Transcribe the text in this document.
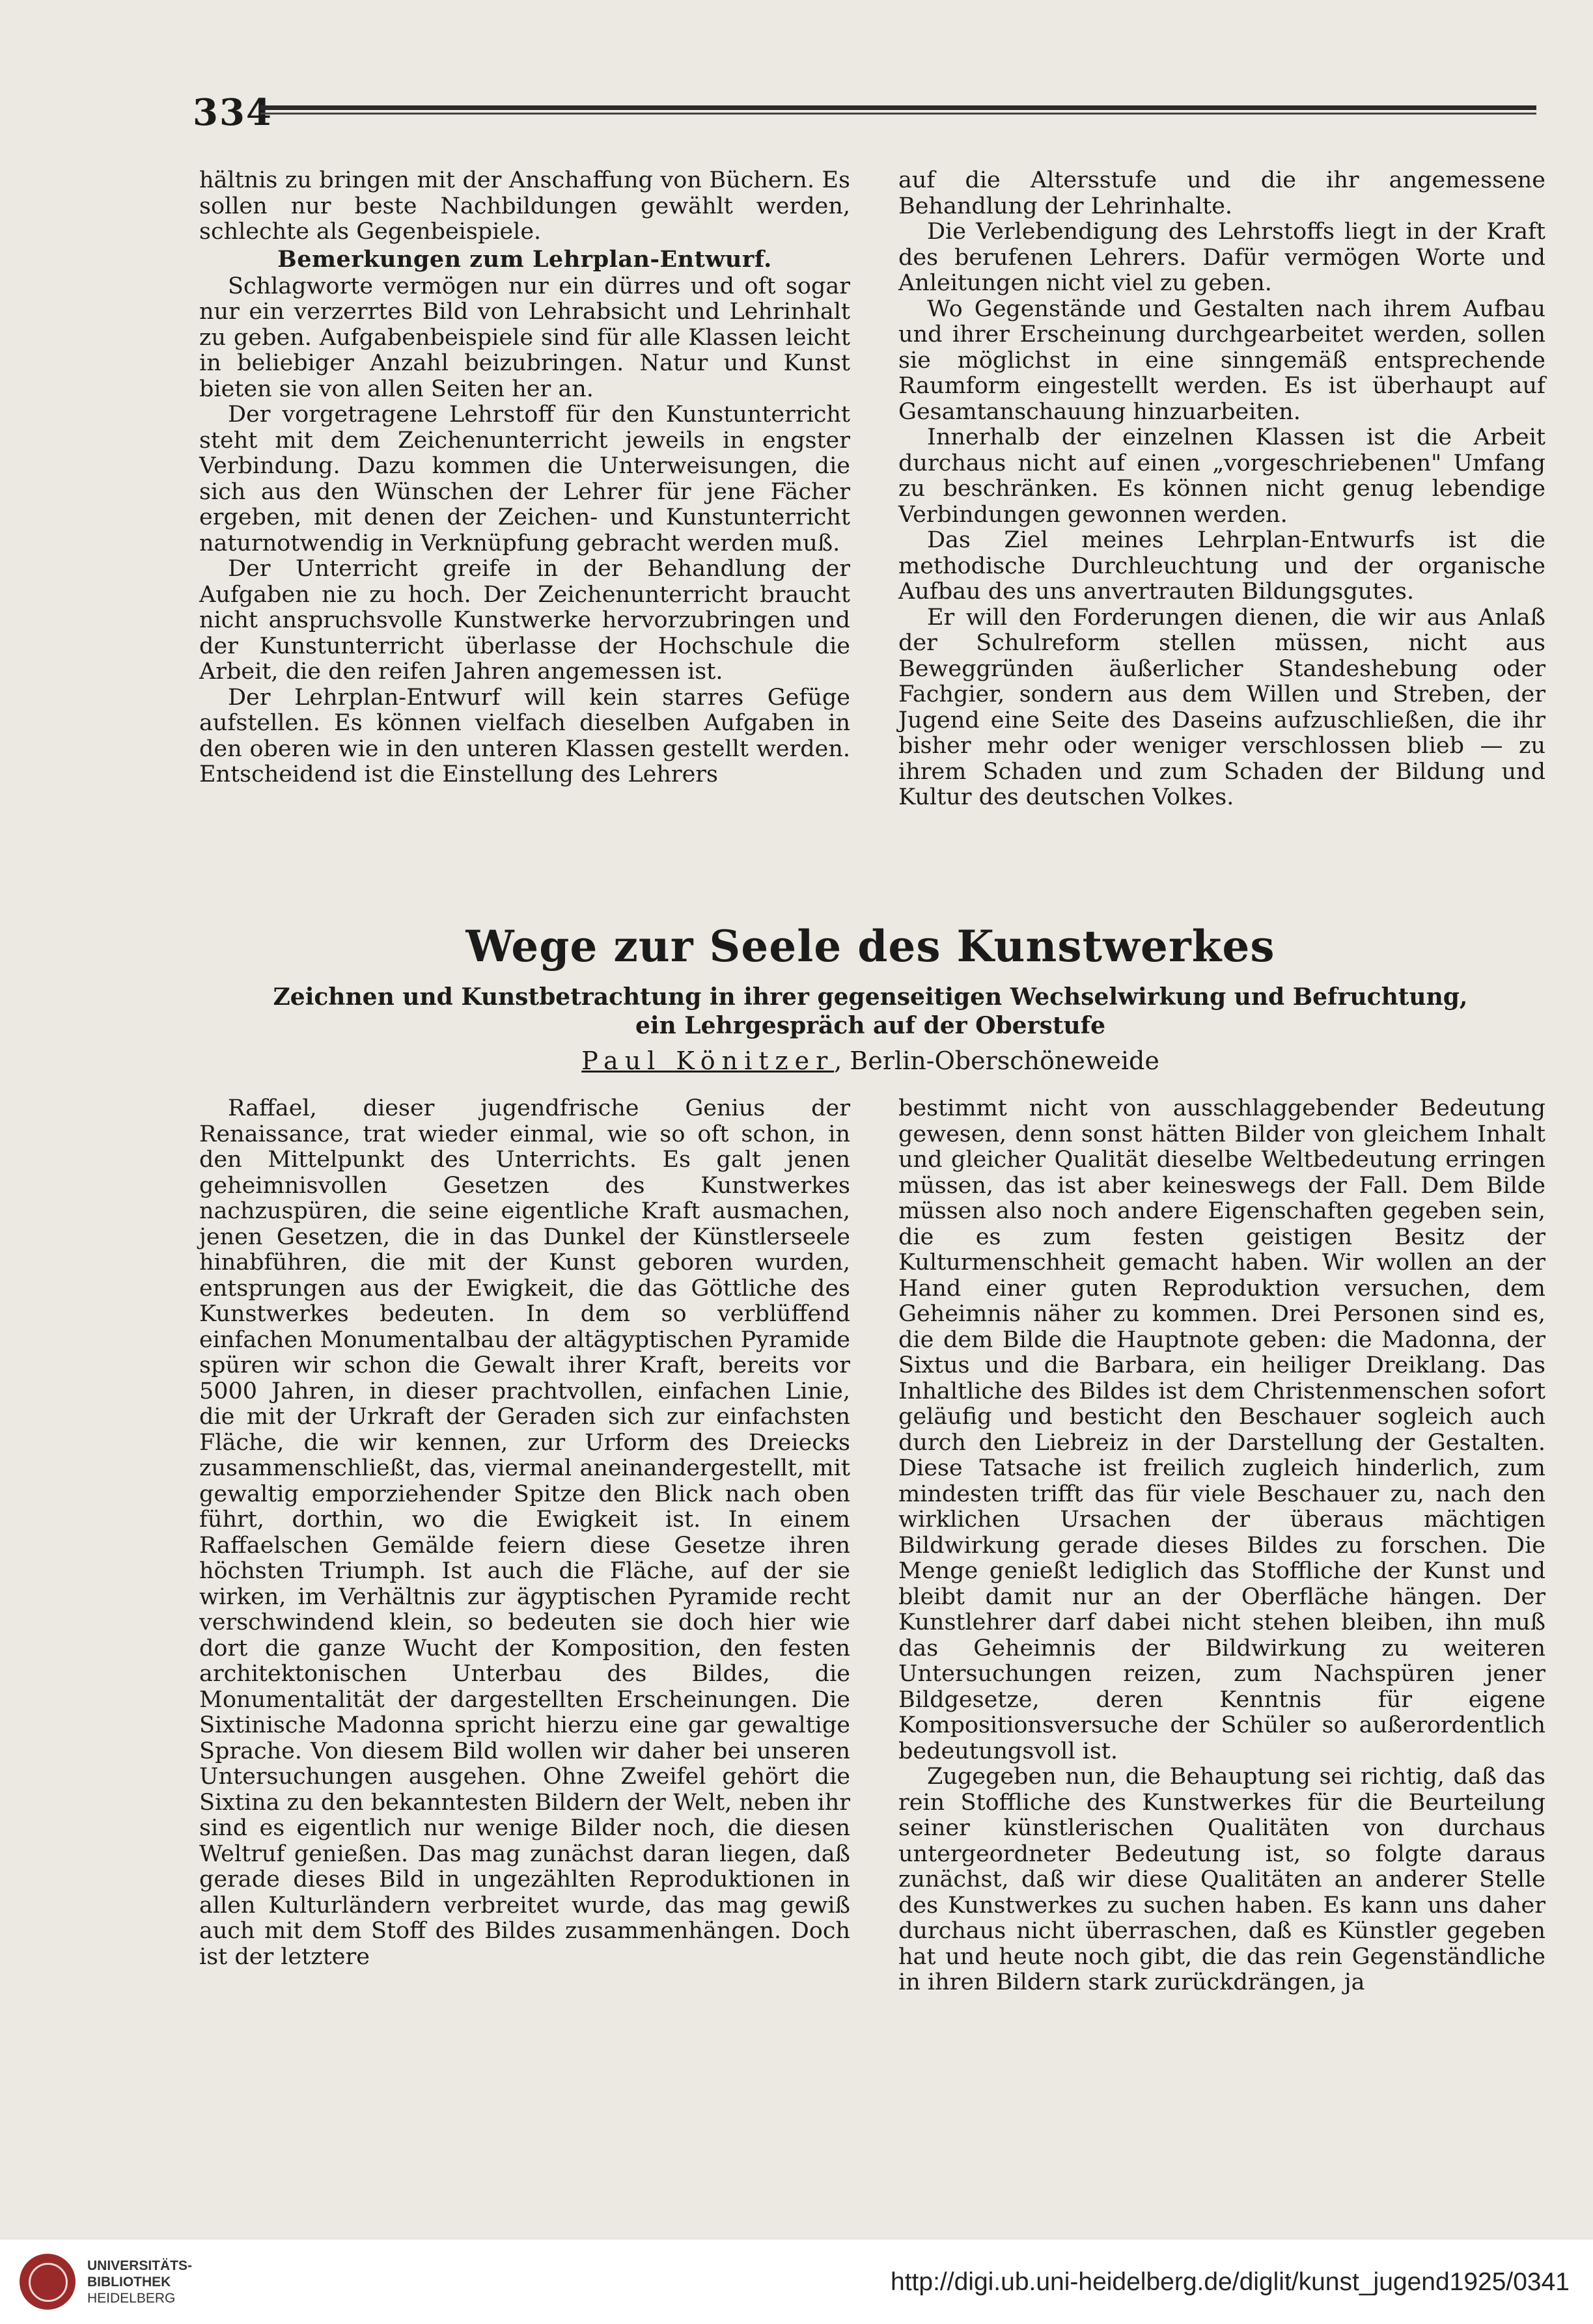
334

hältnis zu bringen mit der Anschaffung von Büchern. Es sollen nur beste Nachbildungen gewählt werden, schlechte als Gegenbeispiele.

Bemerkungen zum Lehrplan-Entwurf.

Schlagworte vermögen nur ein dürres und oft sogar nur ein verzerrtes Bild von Lehrabsicht und Lehrinhalt zu geben. Aufgabenbeispiele sind für alle Klassen leicht in beliebiger Anzahl beizubringen. Natur und Kunst bieten sie von allen Seiten her an.

Der vorgetragene Lehrstoff für den Kunstunterricht steht mit dem Zeichenunterricht jeweils in engster Verbindung. Dazu kommen die Unterweisungen, die sich aus den Wünschen der Lehrer für jene Fächer ergeben, mit denen der Zeichen- und Kunstunterricht naturnotwendig in Verknüpfung gebracht werden muß.

Der Unterricht greife in der Behandlung der Aufgaben nie zu hoch. Der Zeichenunterricht braucht nicht anspruchsvolle Kunstwerke hervorzubringen und der Kunstunterricht überlasse der Hochschule die Arbeit, die den reifen Jahren angemessen ist.

Der Lehrplan-Entwurf will kein starres Gefüge aufstellen. Es können vielfach dieselben Aufgaben in den oberen wie in den unteren Klassen gestellt werden. Entscheidend ist die Einstellung des Lehrers

auf die Altersstufe und die ihr angemessene Behandlung der Lehrinhalte.

Die Verlebendigung des Lehrstoffs liegt in der Kraft des berufenen Lehrers. Dafür vermögen Worte und Anleitungen nicht viel zu geben.

Wo Gegenstände und Gestalten nach ihrem Aufbau und ihrer Erscheinung durchgearbeitet werden, sollen sie möglichst in eine sinngemäß entsprechende Raumform eingestellt werden. Es ist überhaupt auf Gesamtanschauung hinzuarbeiten.

Innerhalb der einzelnen Klassen ist die Arbeit durchaus nicht auf einen „vorgeschriebenen" Umfang zu beschränken. Es können nicht genug lebendige Verbindungen gewonnen werden.

Das Ziel meines Lehrplan-Entwurfs ist die methodische Durchleuchtung und der organische Aufbau des uns anvertrauten Bildungsgutes.

Er will den Forderungen dienen, die wir aus Anlaß der Schulreform stellen müssen, nicht aus Beweggründen äußerlicher Standeshebung oder Fachgier, sondern aus dem Willen und Streben, der Jugend eine Seite des Daseins aufzuschließen, die ihr bisher mehr oder weniger verschlossen blieb — zu ihrem Schaden und zum Schaden der Bildung und Kultur des deutschen Volkes.

Wege zur Seele des Kunstwerkes
Zeichnen und Kunstbetrachtung in ihrer gegenseitigen Wechselwirkung und Befruchtung,
ein Lehrgespräch auf der Oberstufe
Paul Könitzer, Berlin-Oberschöneweide

Raffael, dieser jugendfrische Genius der Renaissance, trat wieder einmal, wie so oft schon, in den Mittelpunkt des Unterrichts. Es galt jenen geheimnisvollen Gesetzen des Kunstwerkes nachzuspüren, die seine eigentliche Kraft ausmachen, jenen Gesetzen, die in das Dunkel der Künstlerseele hinabführen, die mit der Kunst geboren wurden, entsprungen aus der Ewigkeit, die das Göttliche des Kunstwerkes bedeuten. In dem so verblüffend einfachen Monumentalbau der altägyptischen Pyramide spüren wir schon die Gewalt ihrer Kraft, bereits vor 5000 Jahren, in dieser prachtvollen, einfachen Linie, die mit der Urkraft der Geraden sich zur einfachsten Fläche, die wir kennen, zur Urform des Dreiecks zusammenschließt, das, viermal aneinandergestellt, mit gewaltig emporziehender Spitze den Blick nach oben führt, dorthin, wo die Ewigkeit ist. In einem Raffaelschen Gemälde feiern diese Gesetze ihren höchsten Triumph. Ist auch die Fläche, auf der sie wirken, im Verhältnis zur ägyptischen Pyramide recht verschwindend klein, so bedeuten sie doch hier wie dort die ganze Wucht der Komposition, den festen architektonischen Unterbau des Bildes, die Monumentalität der dargestellten Erscheinungen. Die Sixtinische Madonna spricht hierzu eine gar gewaltige Sprache. Von diesem Bild wollen wir daher bei unseren Untersuchungen ausgehen. Ohne Zweifel gehört die Sixtina zu den bekanntesten Bildern der Welt, neben ihr sind es eigentlich nur wenige Bilder noch, die diesen Weltruf genießen. Das mag zunächst daran liegen, daß gerade dieses Bild in ungezählten Reproduktionen in allen Kulturländern verbreitet wurde, das mag gewiß auch mit dem Stoff des Bildes zusammenhängen. Doch ist der letztere

bestimmt nicht von ausschlaggebender Bedeutung gewesen, denn sonst hätten Bilder von gleichem Inhalt und gleicher Qualität dieselbe Weltbedeutung erringen müssen, das ist aber keineswegs der Fall. Dem Bilde müssen also noch andere Eigenschaften gegeben sein, die es zum festen geistigen Besitz der Kulturmenschheit gemacht haben. Wir wollen an der Hand einer guten Reproduktion versuchen, dem Geheimnis näher zu kommen. Drei Personen sind es, die dem Bilde die Hauptnote geben: die Madonna, der Sixtus und die Barbara, ein heiliger Dreiklang. Das Inhaltliche des Bildes ist dem Christenmenschen sofort geläufig und besticht den Beschauer sogleich auch durch den Liebreiz in der Darstellung der Gestalten. Diese Tatsache ist freilich zugleich hinderlich, zum mindesten trifft das für viele Beschauer zu, nach den wirklichen Ursachen der überaus mächtigen Bildwirkung gerade dieses Bildes zu forschen. Die Menge genießt lediglich das Stoffliche der Kunst und bleibt damit nur an der Oberfläche hängen. Der Kunstlehrer darf dabei nicht stehen bleiben, ihn muß das Geheimnis der Bildwirkung zu weiteren Untersuchungen reizen, zum Nachspüren jener Bildgesetze, deren Kenntnis für eigene Kompositionsversuche der Schüler so außerordentlich bedeutungsvoll ist.

Zugegeben nun, die Behauptung sei richtig, daß das rein Stoffliche des Kunstwerkes für die Beurteilung seiner künstlerischen Qualitäten von durchaus untergeordneter Bedeutung ist, so folgte daraus zunächst, daß wir diese Qualitäten an anderer Stelle des Kunstwerkes zu suchen haben. Es kann uns daher durchaus nicht überraschen, daß es Künstler gegeben hat und heute noch gibt, die das rein Gegenständliche in ihren Bildern stark zurückdrängen, ja

UNIVERSITÄTS-
BIBLIOTHEK
HEIDELBERG
http://digi.ub.uni-heidelberg.de/diglit/kunst_jugend1925/0341
